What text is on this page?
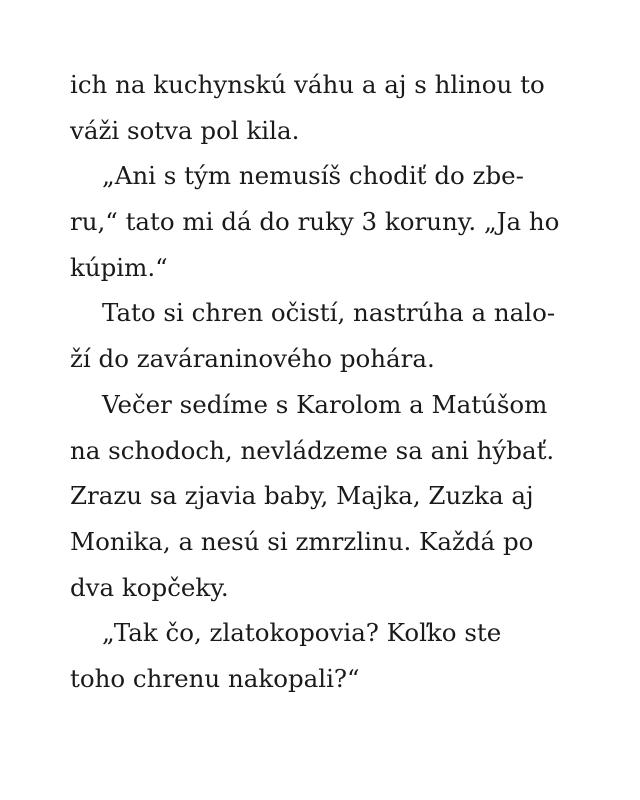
ich na kuchynskú váhu a aj s hlinou to
váži sotva pol kila.
„Ani s tým nemusíš chodiť do zbe-
ru,“ tato mi dá do ruky 3 koruny. „Ja ho
kúpim.“
Tato si chren očistí, nastrúha a nalo-
ží do zaváraninového pohára.
Večer sedíme s Karolom a Matúšom
na schodoch, nevládzeme sa ani hýbať.
Zrazu sa zjavia baby, Majka, Zuzka aj
Monika, a nesú si zmrzlinu. Každá po
dva kopčeky.
„Tak čo, zlatokopovia? Koľko ste
toho chrenu nakopali?“
